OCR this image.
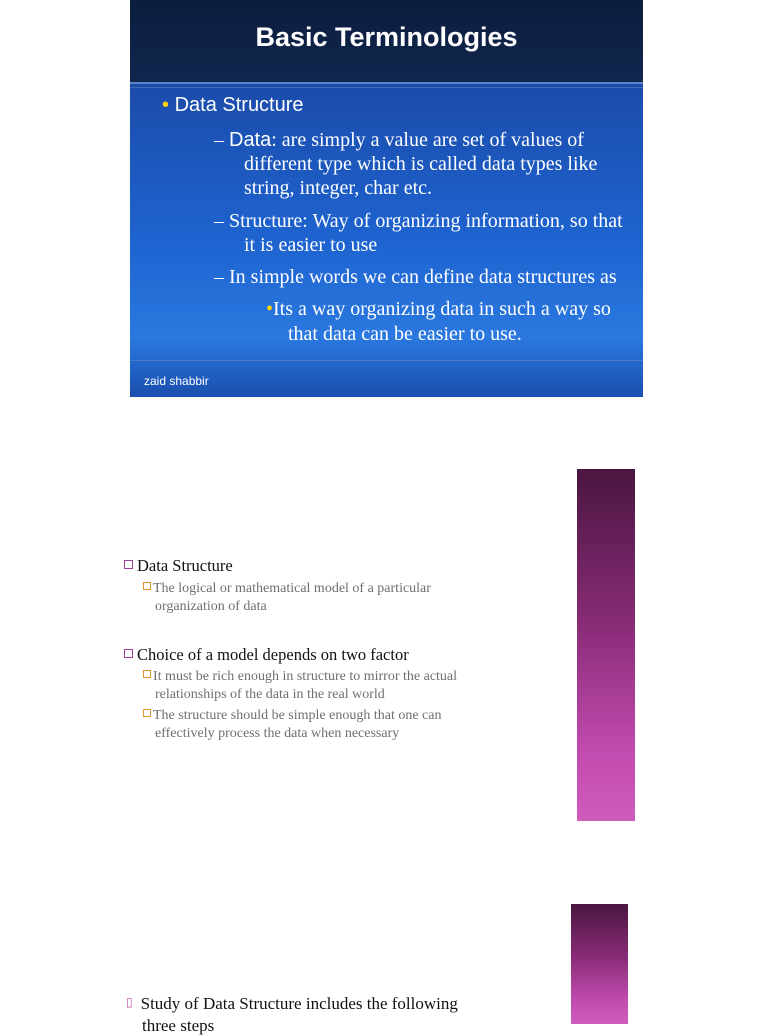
Basic Terminologies
• Data Structure
– Data: are simply a value are set of values of
different type which is called data types like
string, integer, char etc.
– Structure: Way of organizing information, so that
it is easier to use
– In simple words we can define data structures as
•Its a way organizing data in such a way so
that data can be easier to use.
zaid shabbir
Data Structure
The logical or mathematical model of a particular
organization of data
Choice of a model depends on two factor
It must be rich enough in structure to mirror the actual
relationships of the data in the real world
The structure should be simple enough that one can
effectively process the data when necessary
▯ Study of Data Structure includes the following
three steps
